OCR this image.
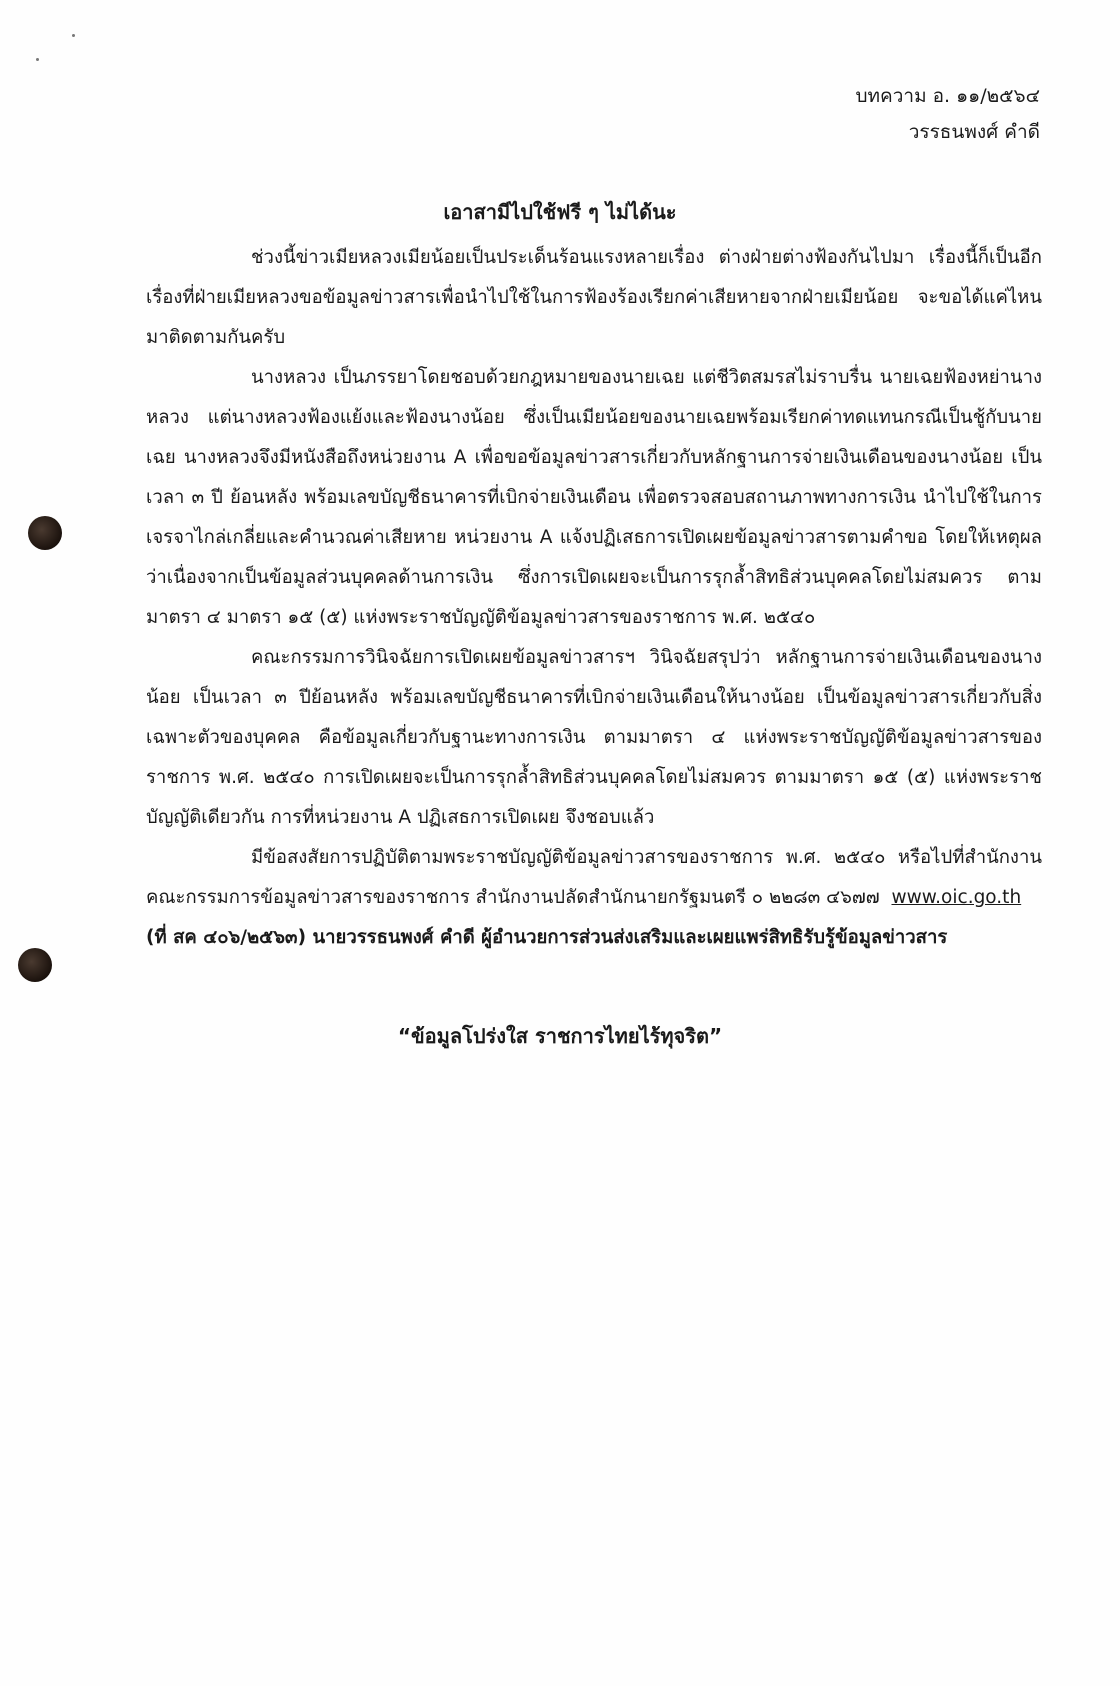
บทความ อ. ๑๑/๒๕๖๔
วรรธนพงศ์ คำดี
เอาสามีไปใช้ฟรี ๆ ไม่ได้นะ

ช่วงนี้ข่าวเมียหลวงเมียน้อยเป็นประเด็นร้อนแรงหลายเรื่อง ต่างฝ่ายต่างฟ้องกันไปมา เรื่องนี้ก็เป็นอีกเรื่องที่ฝ่ายเมียหลวงขอข้อมูลข่าวสารเพื่อนำไปใช้ในการฟ้องร้องเรียกค่าเสียหายจากฝ่ายเมียน้อย จะขอได้แค่ไหน มาติดตามกันครับ

นางหลวง เป็นภรรยาโดยชอบด้วยกฎหมายของนายเฉย แต่ชีวิตสมรสไม่ราบรื่น นายเฉยฟ้องหย่านางหลวง แต่นางหลวงฟ้องแย้งและฟ้องนางน้อย ซึ่งเป็นเมียน้อยของนายเฉยพร้อมเรียกค่าทดแทนกรณีเป็นชู้กับนายเฉย นางหลวงจึงมีหนังสือถึงหน่วยงาน A เพื่อขอข้อมูลข่าวสารเกี่ยวกับหลักฐานการจ่ายเงินเดือนของนางน้อย เป็นเวลา ๓ ปี ย้อนหลัง พร้อมเลขบัญชีธนาคารที่เบิกจ่ายเงินเดือน เพื่อตรวจสอบสถานภาพทางการเงิน นำไปใช้ในการเจรจาไกล่เกลี่ยและคำนวณค่าเสียหาย หน่วยงาน A แจ้งปฏิเสธการเปิดเผยข้อมูลข่าวสารตามคำขอ โดยให้เหตุผลว่าเนื่องจากเป็นข้อมูลส่วนบุคคลด้านการเงิน ซึ่งการเปิดเผยจะเป็นการรุกล้ำสิทธิส่วนบุคคลโดยไม่สมควร ตามมาตรา ๔ มาตรา ๑๕ (๕) แห่งพระราชบัญญัติข้อมูลข่าวสารของราชการ พ.ศ. ๒๕๔๐

คณะกรรมการวินิจฉัยการเปิดเผยข้อมูลข่าวสารฯ วินิจฉัยสรุปว่า หลักฐานการจ่ายเงินเดือนของนางน้อย เป็นเวลา ๓ ปีย้อนหลัง พร้อมเลขบัญชีธนาคารที่เบิกจ่ายเงินเดือนให้นางน้อย เป็นข้อมูลข่าวสารเกี่ยวกับสิ่งเฉพาะตัวของบุคคล คือข้อมูลเกี่ยวกับฐานะทางการเงิน ตามมาตรา ๔ แห่งพระราชบัญญัติข้อมูลข่าวสารของราชการ พ.ศ. ๒๕๔๐ การเปิดเผยจะเป็นการรุกล้ำสิทธิส่วนบุคคลโดยไม่สมควร ตามมาตรา ๑๕ (๕) แห่งพระราชบัญญัติเดียวกัน การที่หน่วยงาน A ปฏิเสธการเปิดเผย จึงชอบแล้ว

มีข้อสงสัยการปฏิบัติตามพระราชบัญญัติข้อมูลข่าวสารของราชการ พ.ศ. ๒๕๔๐ หรือไปที่สำนักงานคณะกรรมการข้อมูลข่าวสารของราชการ สำนักงานปลัดสำนักนายกรัฐมนตรี ๐ ๒๒๘๓ ๔๖๗๗ www.oic.go.th

(ที่ สค ๔๐๖/๒๕๖๓) นายวรรธนพงศ์ คำดี ผู้อำนวยการส่วนส่งเสริมและเผยแพร่สิทธิรับรู้ข้อมูลข่าวสาร

“ข้อมูลโปร่งใส ราชการไทยไร้ทุจริต”
